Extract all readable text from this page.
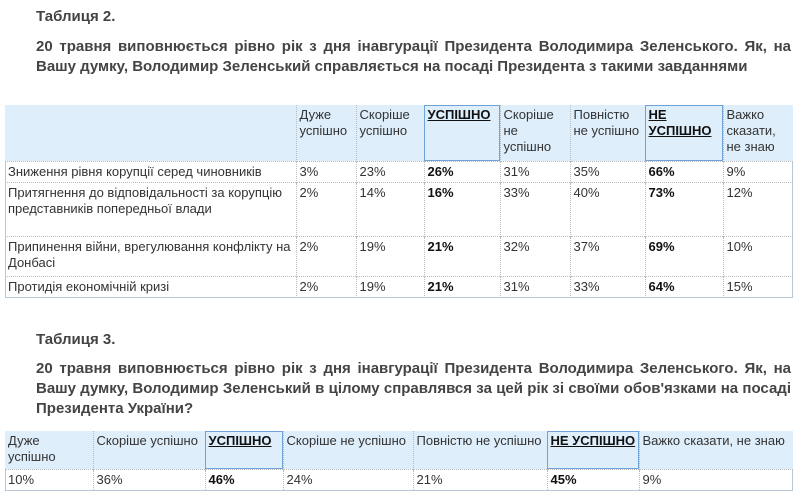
Таблиця 2.
20 травня виповнюється рівно рік з дня інавгурації Президента Володимира Зеленського. Як, на Вашу думку, Володимир Зеленський справляється на посаді Президента з такими завданнями
	Дуже успішно	Скоріше успішно	УСПІШНО	Скоріше не успішно	Повністю не успішно	НЕ УСПІШНО	Важко сказати, не знаю
Зниження рівня корупції серед чиновників	3%	23%	26%	31%	35%	66%	9%
Притягнення до відповідальності за корупцію представників попередньої влади	2%	14%	16%	33%	40%	73%	12%
Припинення війни, врегулювання конфлікту на Донбасі	2%	19%	21%	32%	37%	69%	10%
Протидія економічній кризі	2%	19%	21%	31%	33%	64%	15%
Таблиця 3.
20 травня виповнюється рівно рік з дня інавгурації Президента Володимира Зеленського. Як, на Вашу думку, Володимир Зеленський в цілому справлявся за цей рік зі своїми обов'язками на посаді Президента України?
Дуже успішно	Скоріше успішно	УСПІШНО	Скоріше не успішно	Повністю не успішно	НЕ УСПІШНО	Важко сказати, не знаю
10%	36%	46%	24%	21%	45%	9%
